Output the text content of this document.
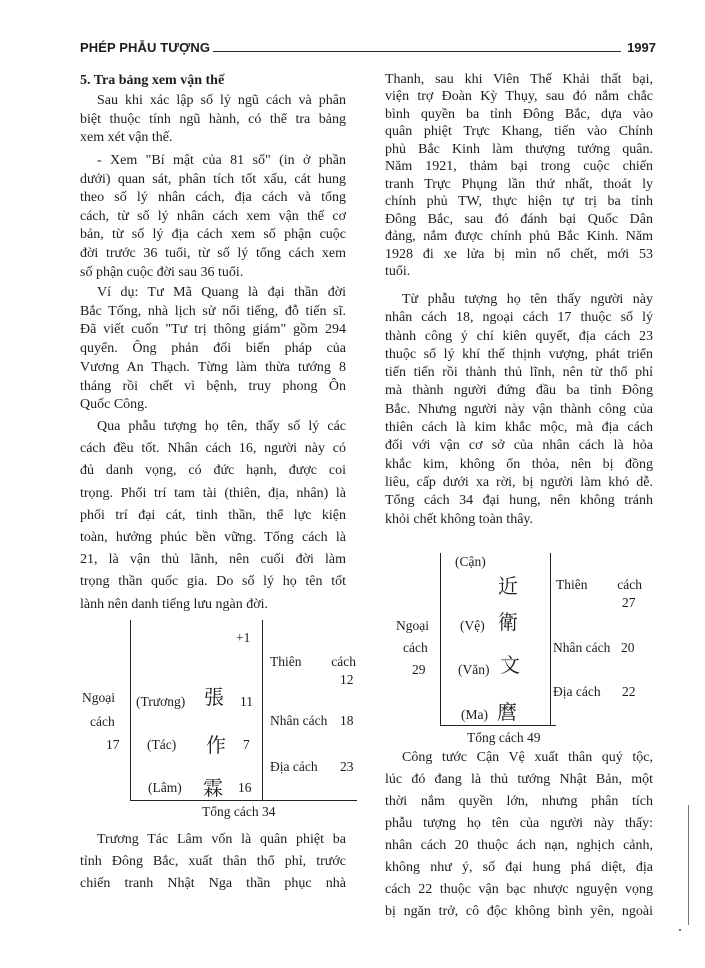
PHÉP PHẪU TƯỢNG	1997
5. Tra bảng xem vận thế
Sau khi xác lập số lý ngũ cách và phân
biệt thuộc tính ngũ hành, có thể tra bảng
xem xét vận thế.
- Xem "Bí mật của 81 số" (in ở phần
dưới) quan sát, phân tích tốt xấu, cát hung
theo số lý nhân cách, địa cách và tổng
cách, từ số lý nhân cách xem vận thế cơ
bản, từ số lý địa cách xem số phận cuộc
đời trước 36 tuổi, từ số lý tổng cách xem
số phận cuộc đời sau 36 tuổi.
Ví dụ: Tư Mã Quang là đại thần đời
Bắc Tống, nhà lịch sử nổi tiếng, đỗ tiến sĩ.
Đã viết cuốn "Tư trị thông giám" gồm 294
quyển. Ông phản đối biến pháp của
Vương An Thạch. Từng làm thừa tướng 8
tháng rồi chết vì bệnh, truy phong Ôn
Quốc Công.
Qua phẫu tượng họ tên, thấy số lý các
cách đều tốt. Nhân cách 16, người này có
đủ danh vọng, có đức hạnh, được coi
trọng. Phối trí tam tài (thiên, địa, nhân) là
phối trí đại cát, tinh thần, thể lực kiện
toàn, hưởng phúc bền vững. Tổng cách là
21, là vận thủ lãnh, nên cuối đời làm
trọng thần quốc gia. Do số lý họ tên tốt
lành nên danh tiếng lưu ngàn đời.
+1
Thiên cách
12
Ngoại
cách
17
(Trương) 張 11
Nhân cách 18
(Tác) 作 7
Địa cách 23
(Lâm) 霖 16
Tổng cách 34
Trương Tác Lâm vốn là quân phiệt ba
tỉnh Đông Bắc, xuất thân thổ phỉ, trước
chiến tranh Nhật Nga thần phục nhà
Thanh, sau khi Viên Thế Khải thất bại,
viện trợ Đoàn Kỳ Thụy, sau đó nắm chắc
bình quyền ba tỉnh Đông Bắc, dựa vào
quân phiệt Trực Khang, tiến vào Chính
phủ Bắc Kinh làm thượng tướng quân.
Năm 1921, thảm bại trong cuộc chiến
tranh Trực Phụng lần thứ nhất, thoát ly
chính phủ TW, thực hiện tự trị ba tỉnh
Đông Bắc, sau đó đánh bại Quốc Dân
đảng, nắm được chính phủ Bắc Kinh. Năm
1928 đi xe lửa bị mìn nổ chết, mới 53
tuổi.
Từ phẫu tượng họ tên thấy người này
nhân cách 18, ngoại cách 17 thuộc số lý
thành công ý chí kiên quyết, địa cách 23
thuộc số lý khí thế thịnh vượng, phát triển
tiến tiến rồi thành thủ lĩnh, nên từ thổ phỉ
mà thành người đứng đầu ba tỉnh Đông
Bắc. Nhưng người này vận thành công của
thiên cách là kim khắc mộc, mà địa cách
đối với vận cơ sở của nhân cách là hỏa
khắc kim, không ổn thỏa, nên bị đồng
liêu, cấp dưới xa rời, bị người làm khó dễ.
Tổng cách 34 đại hung, nên không tránh
khỏi chết không toàn thây.
(Cận)
近	Thiên cách
27
Ngoại
cách
29
(Vệ) 衛
Nhân cách 20
(Văn) 文
Địa cách 22
(Ma) 麿
Tổng cách 49
Công tước Cận Vệ xuất thân quý tộc,
lúc đó đang là thủ tướng Nhật Bản, một
thời nắm quyền lớn, nhưng phân tích
phẫu tượng họ tên của người này thấy:
nhân cách 20 thuộc ách nạn, nghịch cảnh,
không như ý, số đại hung phá diệt, địa
cách 22 thuộc vận bạc nhược nguyện vọng
bị ngăn trở, cô độc không bình yên, ngoài
